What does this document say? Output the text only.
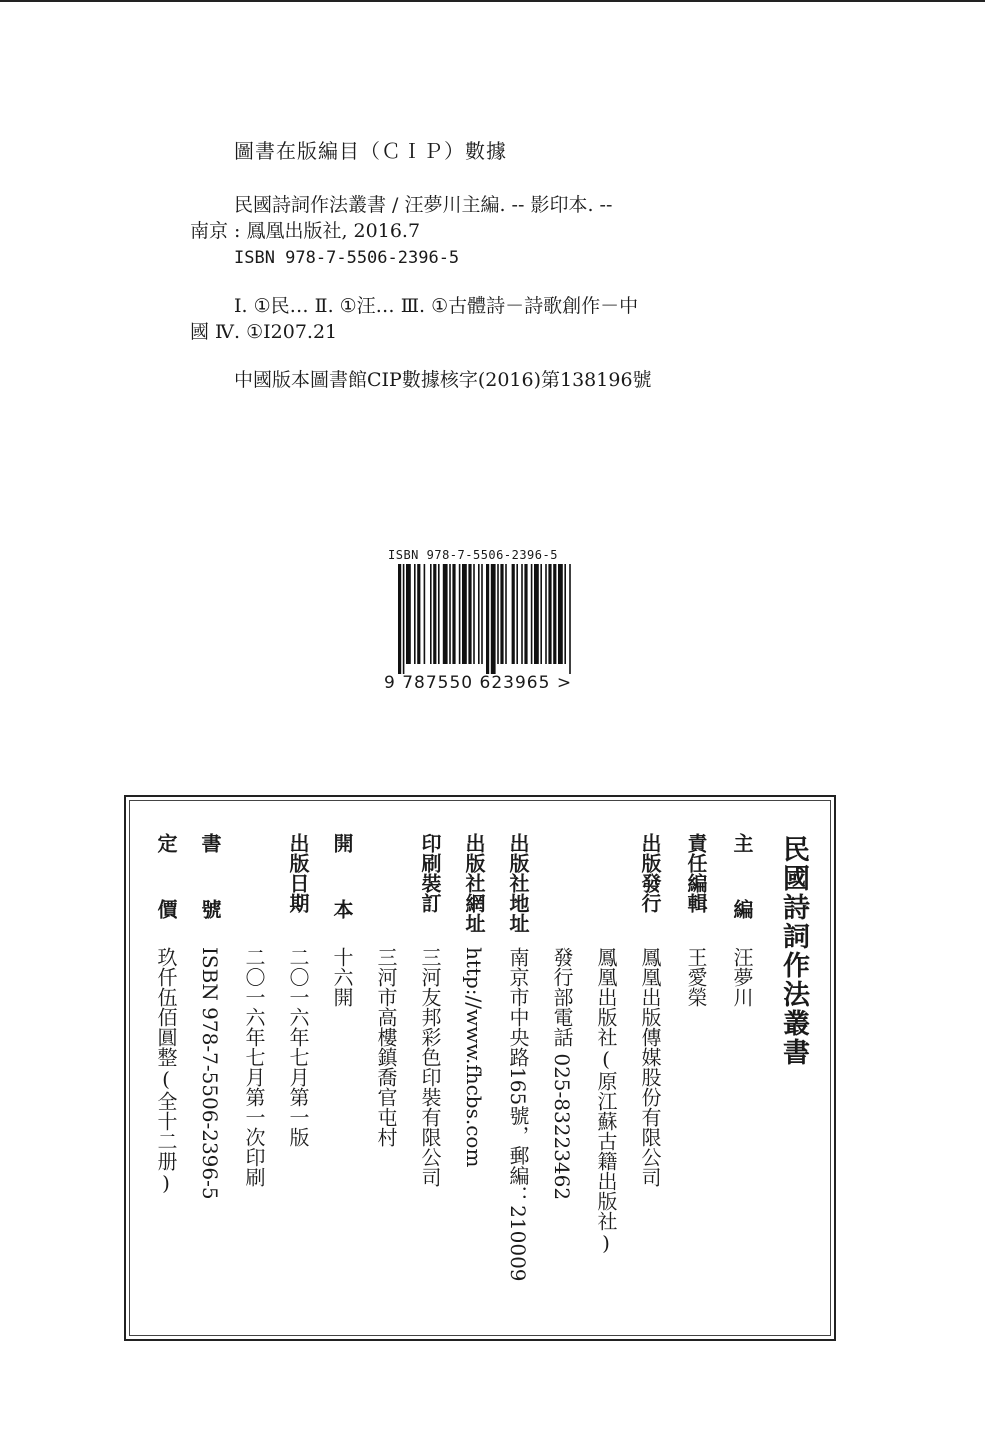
圖書在版編目（ＣＩＰ）數據
民國詩詞作法叢書 / 汪夢川主編. -- 影印本. --
南京 : 鳳凰出版社, 2016.7
ISBN 978-7-5506-2396-5
Ⅰ. ①民… Ⅱ. ①汪… Ⅲ. ①古體詩－詩歌創作－中
國 Ⅳ. ①I207.21
中國版本圖書館CIP數據核字(2016)第138196號
ISBN 978-7-5506-2396-5
9 787550 623965 >
民國詩詞作法叢書
主編
汪夢川
責任編輯
王愛榮
出版發行
鳳凰出版傳媒股份有限公司
鳳凰出版社(原江蘇古籍出版社)
發行部電話 025-83223462
出版社地址
南京市中央路165號，郵編：210009
出版社網址
http://www.fhcbs.com
印刷裝訂
三河友邦彩色印裝有限公司
三河市高樓鎮喬官屯村
開本
十六開
出版日期
二〇一六年七月第一版
二〇一六年七月第一次印刷
書號
ISBN 978-7-5506-2396-5
定價
玖仟伍佰圓整(全十二册)
